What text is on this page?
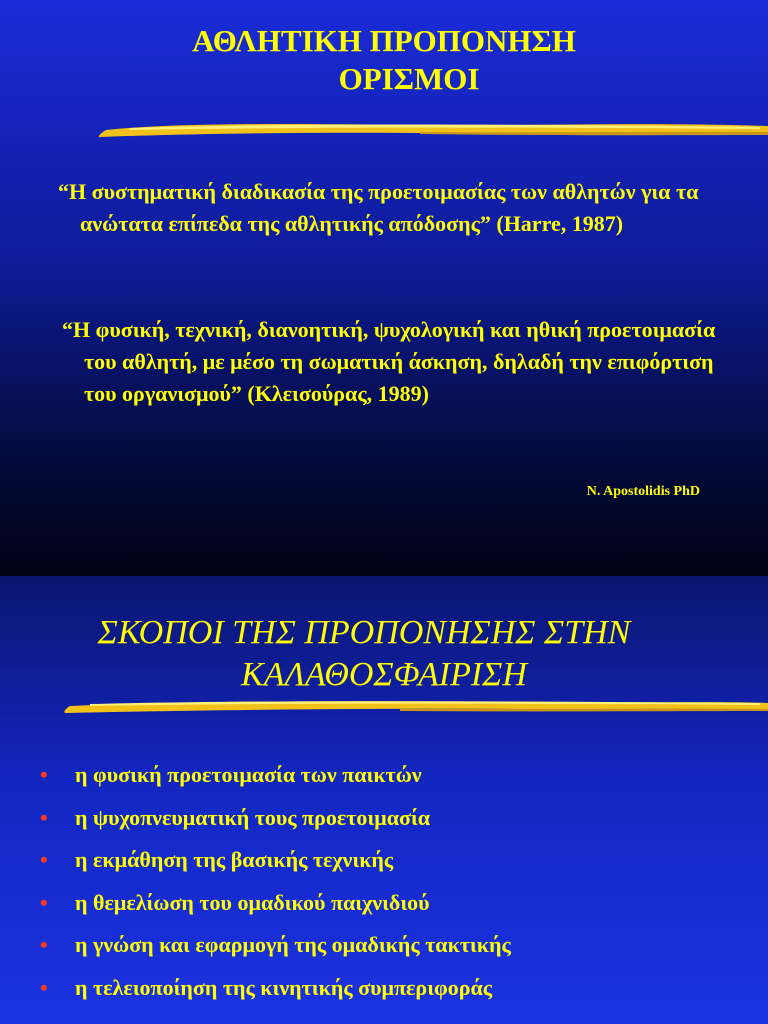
ΑΘΛΗΤΙΚΗ ΠΡΟΠΟΝΗΣΗ
ΟΡΙΣΜΟΙ
“Η συστηματική διαδικασία της προετοιμασίας των αθλητών για τα ανώτατα επίπεδα της αθλητικής απόδοσης” (Harre, 1987)
“Η φυσική, τεχνική, διανοητική, ψυχολογική και ηθική προετοιμασία του αθλητή, με μέσο τη σωματική άσκηση, δηλαδή την επιφόρτιση του οργανισμού” (Κλεισούρας, 1989)
N. Apostolidis PhD
ΣΚΟΠΟΙ ΤΗΣ ΠΡΟΠΟΝΗΣΗΣ ΣΤΗΝ
ΚΑΛΑΘΟΣΦΑΙΡΙΣΗ
• η φυσική προετοιμασία των παικτών
• η ψυχοπνευματική τους προετοιμασία
• η εκμάθηση της βασικής τεχνικής
• η θεμελίωση του ομαδικού παιχνιδιού
• η γνώση και εφαρμογή της ομαδικής τακτικής
• η τελειοποίηση της κινητικής συμπεριφοράς
